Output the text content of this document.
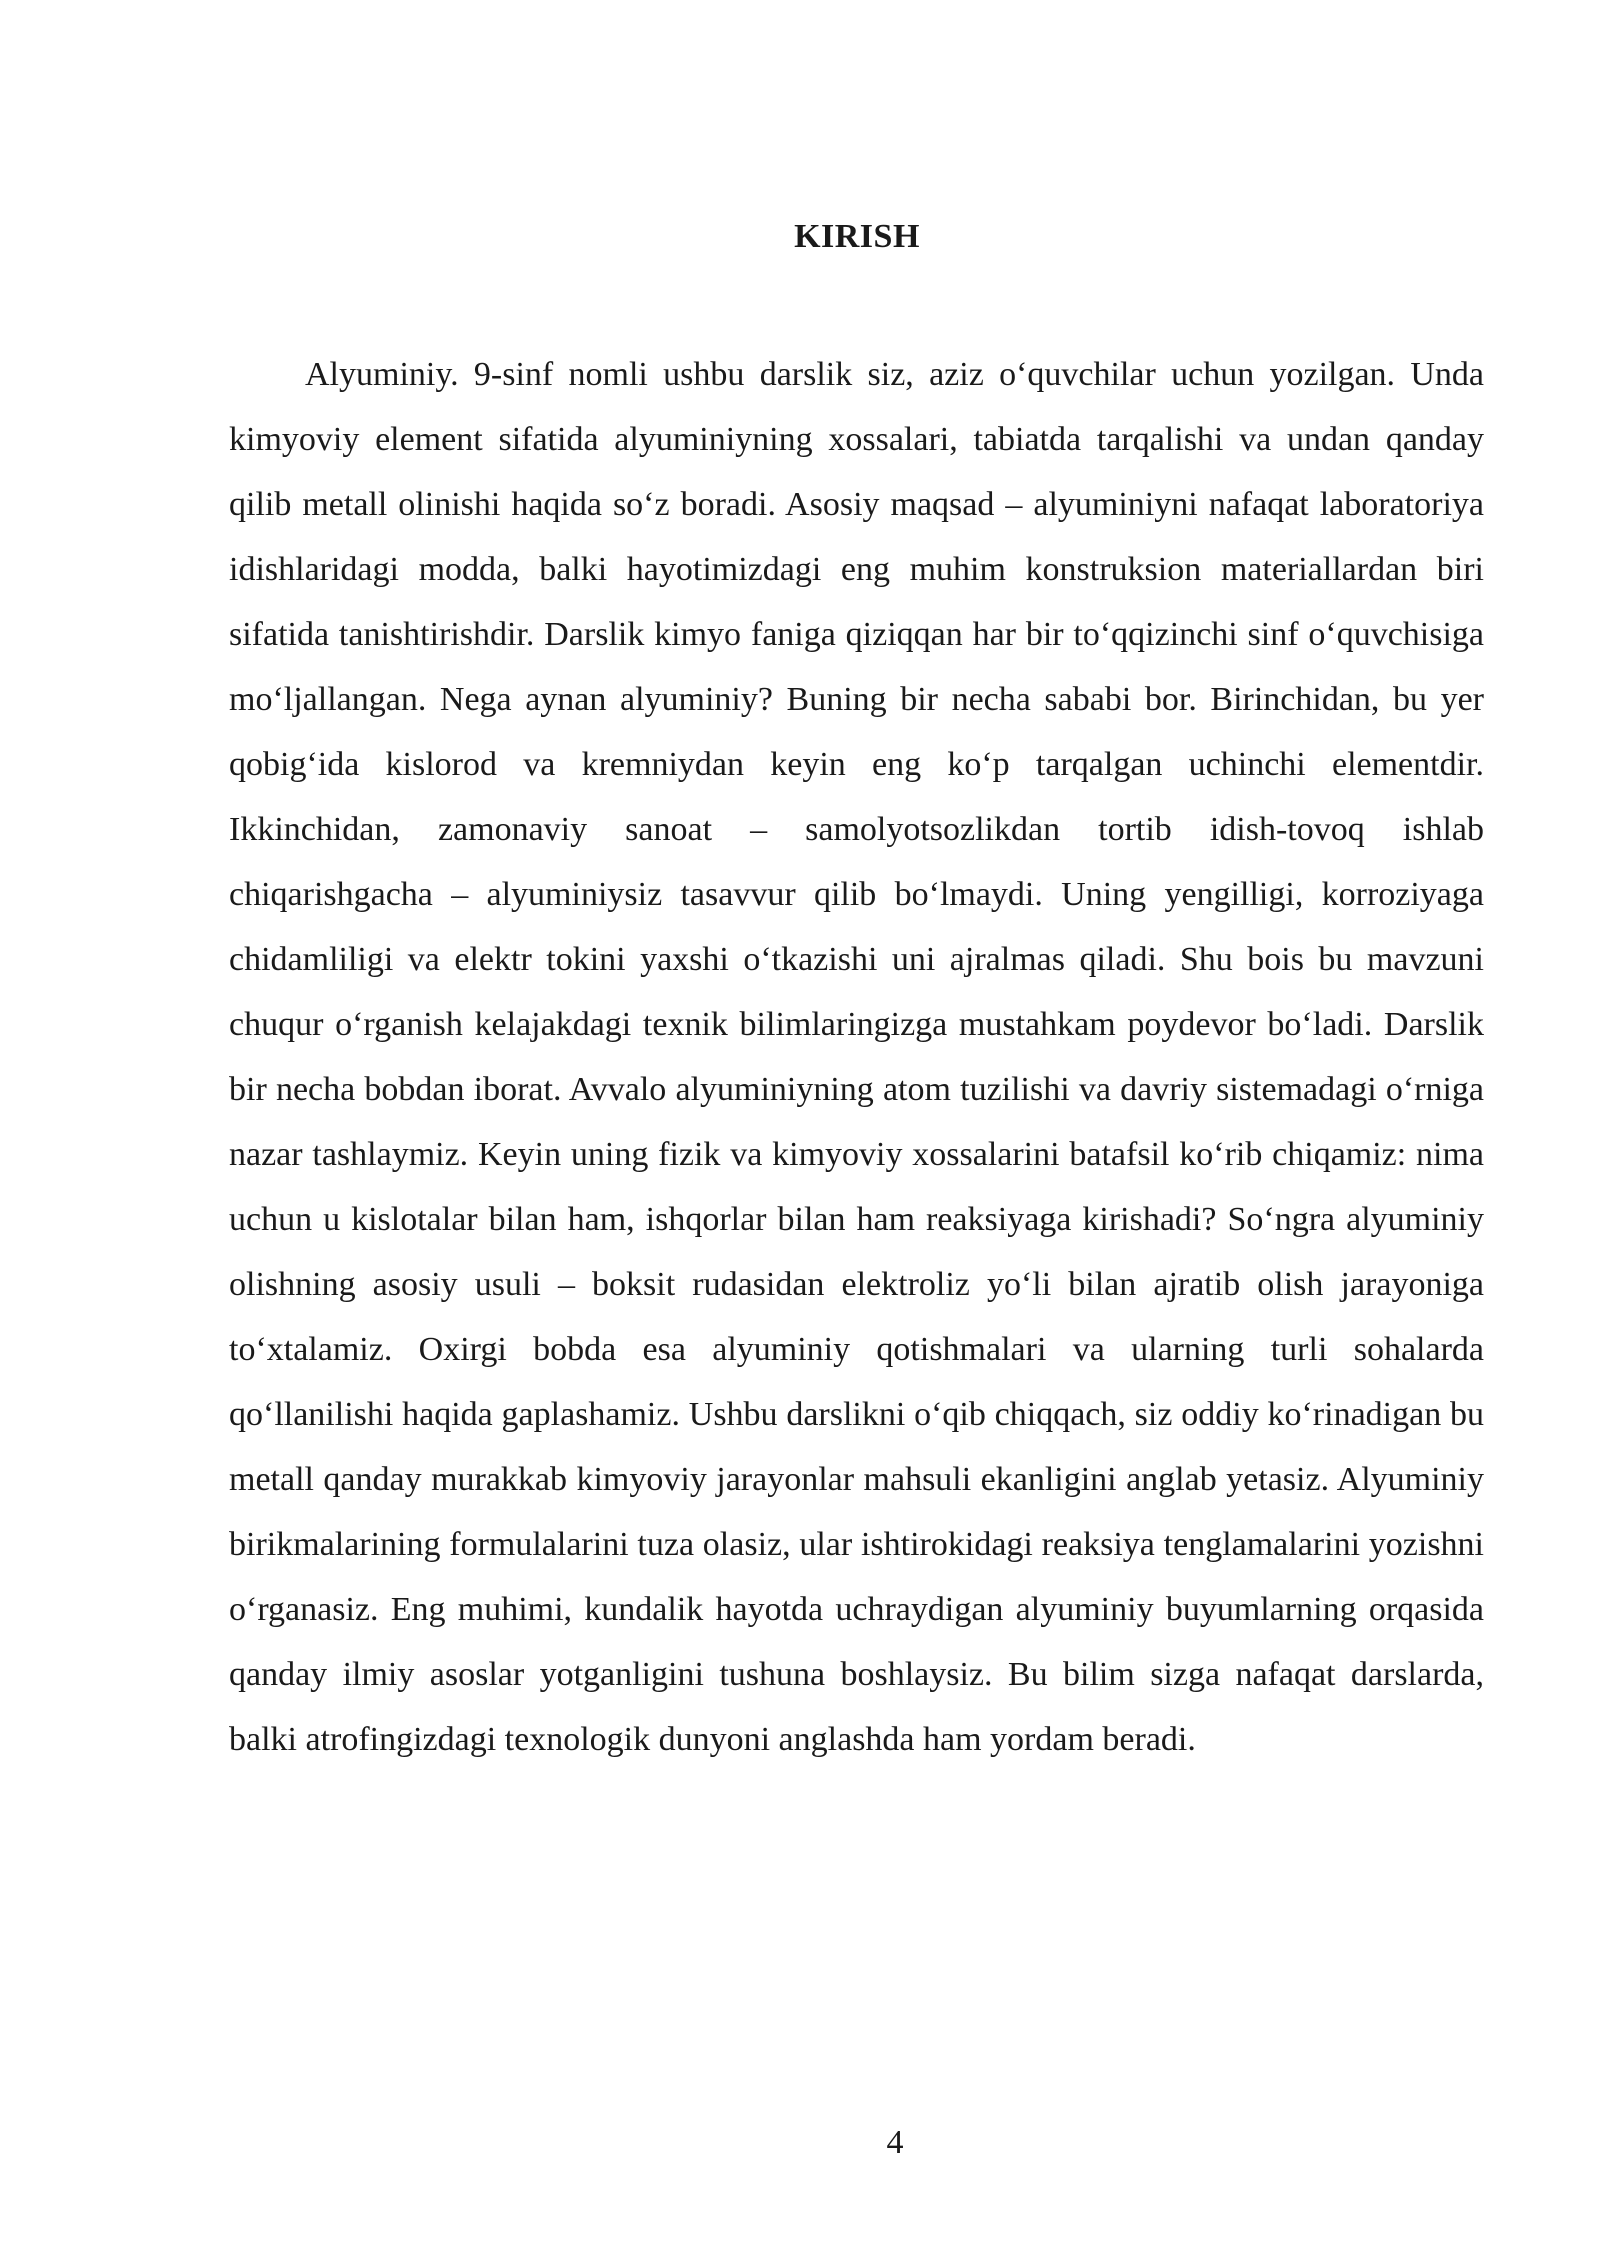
KIRISH

Alyuminiy. 9-sinf nomli ushbu darslik siz, aziz o‘quvchilar uchun yozilgan. Unda kimyoviy element sifatida alyuminiyning xossalari, tabiatda tarqalishi va undan qanday qilib metall olinishi haqida so‘z boradi. Asosiy maqsad – alyuminiyni nafaqat laboratoriya idishlaridagi modda, balki hayotimizdagi eng muhim konstruksion materiallardan biri sifatida tanishtirishdir. Darslik kimyo faniga qiziqqan har bir to‘qqizinchi sinf o‘quvchisiga mo‘ljallangan. Nega aynan alyuminiy? Buning bir necha sababi bor. Birinchidan, bu yer qobig‘ida kislorod va kremniydan keyin eng ko‘p tarqalgan uchinchi elementdir. Ikkinchidan, zamonaviy sanoat – samolyotsozlikdan tortib idish-tovoq ishlab chiqarishgacha – alyuminiysiz tasavvur qilib bo‘lmaydi. Uning yengilligi, korroziyaga chidamliligi va elektr tokini yaxshi o‘tkazishi uni ajralmas qiladi. Shu bois bu mavzuni chuqur o‘rganish kelajakdagi texnik bilimlaringizga mustahkam poydevor bo‘ladi. Darslik bir necha bobdan iborat. Avvalo alyuminiyning atom tuzilishi va davriy sistemadagi o‘rniga nazar tashlaymiz. Keyin uning fizik va kimyoviy xossalarini batafsil ko‘rib chiqamiz: nima uchun u kislotalar bilan ham, ishqorlar bilan ham reaksiyaga kirishadi? So‘ngra alyuminiy olishning asosiy usuli – boksit rudasidan elektroliz yo‘li bilan ajratib olish jarayoniga to‘xtalamiz. Oxirgi bobda esa alyuminiy qotishmalari va ularning turli sohalarda qo‘llanilishi haqida gaplashamiz. Ushbu darslikni o‘qib chiqqach, siz oddiy ko‘rinadigan bu metall qanday murakkab kimyoviy jarayonlar mahsuli ekanligini anglab yetasiz. Alyuminiy birikmalarining formulalarini tuza olasiz, ular ishtirokidagi reaksiya tenglamalarini yozishni o‘rganasiz. Eng muhimi, kundalik hayotda uchraydigan alyuminiy buyumlarning orqasida qanday ilmiy asoslar yotganligini tushuna boshlaysiz. Bu bilim sizga nafaqat darslarda, balki atrofingizdagi texnologik dunyoni anglashda ham yordam beradi.

4
